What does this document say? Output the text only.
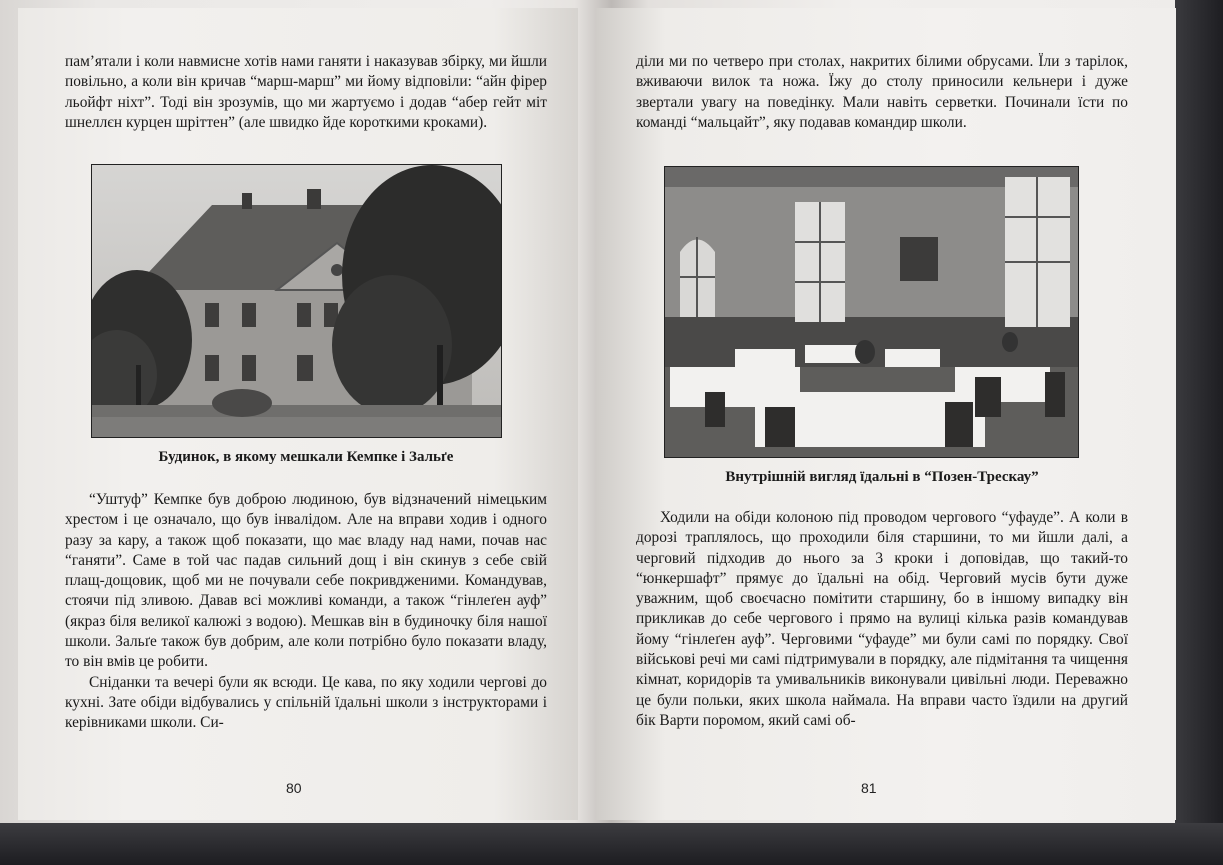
пам’ятали і коли навмисне хотів нами ганяти і наказував збірку, ми йшли повільно, а коли він кричав “марш-марш” ми йому відповіли: “айн фірер льойфт ніхт”. Тоді він зрозумів, що ми жартуємо і додав “абер гейт міт шнеллєн курцен шріттен” (але швидко йде короткими кроками).

Будинок, в якому мешкали Кемпке і Зальґе

“Уштуф” Кемпке був доброю людиною, був відзначений німецьким хрестом і це означало, що був інвалідом. Але на вправи ходив і одного разу за кару, а також щоб показати, що має владу над нами, почав нас “ганяти”. Саме в той час падав сильний дощ і він скинув з себе свій плащ-дощовик, щоб ми не почували себе покривдженими. Командував, стоячи під зливою. Давав всі можливі команди, а також “гінлеґен ауф” (якраз біля великої калюжі з водою). Мешкав він в будиночку біля нашої школи. Зальґе також був добрим, але коли потрібно було показати владу, то він вмів це робити.

Сніданки та вечері були як всюди. Це кава, по яку ходили чергові до кухні. Зате обіди відбувались у спільній їдальні школи з інструкторами і керівниками школи. Си-

80

діли ми по четверо при столах, накритих білими обрусами. Їли з тарілок, вживаючи вилок та ножа. Їжу до столу приносили кельнери і дуже звертали увагу на поведінку. Мали навіть серветки. Починали їсти по команді “мальцайт”, яку подавав командир школи.

Внутрішній вигляд їдальні в “Позен-Трескау”

Ходили на обіди колоною під проводом чергового “уфауде”. А коли в дорозі траплялось, що проходили біля старшини, то ми йшли далі, а черговий підходив до нього за 3 кроки і доповідав, що такий-то “юнкершафт” прямує до їдальні на обід. Черговий мусів бути дуже уважним, щоб своєчасно помітити старшину, бо в іншому випадку він прикликав до себе чергового і прямо на вулиці кілька разів командував йому “гінлеґен ауф”. Черговими “уфауде” ми були самі по порядку. Свої військові речі ми самі підтримували в порядку, але підмітання та чищення кімнат, коридорів та умивальників виконували цивільні люди. Переважно це були польки, яких школа наймала. На вправи часто їздили на другий бік Варти поромом, який самі об-

81
